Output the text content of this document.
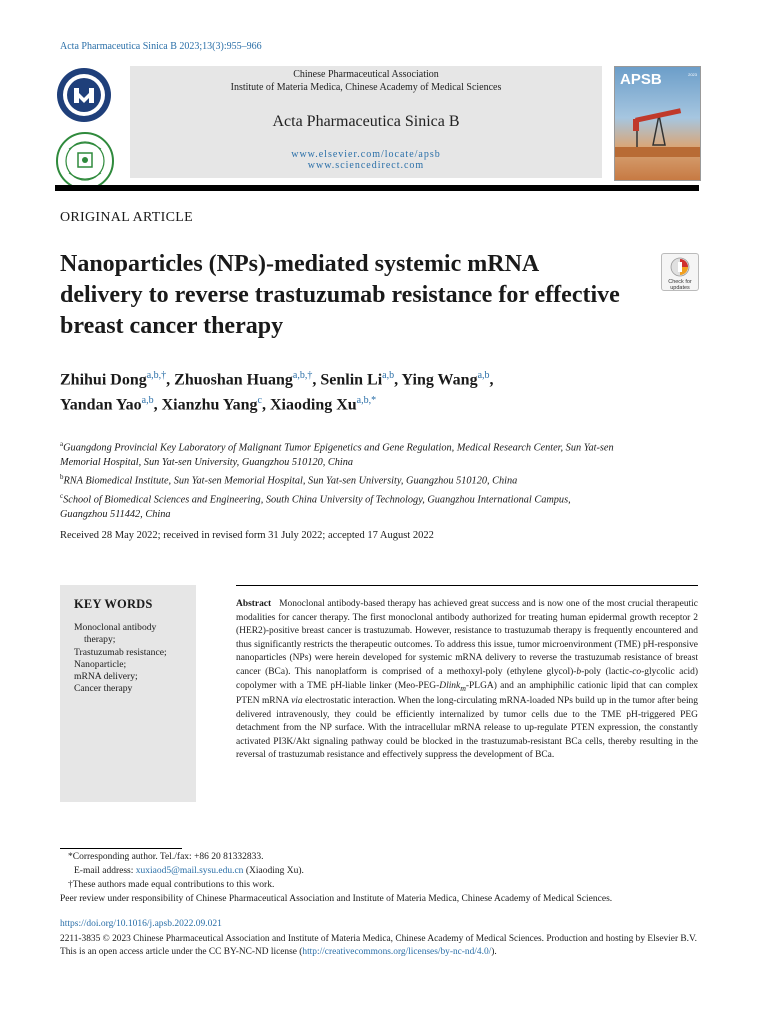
Acta Pharmaceutica Sinica B 2023;13(3):955–966

Chinese Pharmaceutical Association
Institute of Materia Medica, Chinese Academy of Medical Sciences
Acta Pharmaceutica Sinica B
www.elsevier.com/locate/apsb
www.sciencedirect.com
APSB	2023
ORIGINAL ARTICLE
Nanoparticles (NPs)-mediated systemic mRNA delivery to reverse trastuzumab resistance for effective breast cancer therapy
Check for updates
Zhihui Dong$^{a,b,\dagger}$, Zhuoshan Huang$^{a,b,\dagger}$, Senlin Li$^{a,b}$, Ying Wang$^{a,b}$,
Yandan Yao$^{a,b}$, Xianzhu Yang$^c$, Xiaoding $Xu^{a,b,*}$
$^a$Guangdong Provincial Key Laboratory of Malignant Tumor Epigenetics and Gene Regulation, Medical Research Center, Sun Yat-sen Memorial Hospital, Sun Yat-sen University, Guangzhou 510120, China
$^b$RNA Biomedical Institute, Sun Yat-sen Memorial Hospital, Sun Yat-sen University, Guangzhou 510120, China
$^c$School of Biomedical Sciences and Engineering, South China University of Technology, Guangzhou International Campus, Guangzhou 511442, China
Received 28 May 2022; received in revised form 31 July 2022; accepted 17 August 2022
KEY WORDS
Monoclonal antibody
therapy;
Trastuzumab resistance;
Nanoparticle;
mRNA delivery;
Cancer therapy
Abstract Monoclonal antibody-based therapy has achieved great success and is now one of the most crucial therapeutic modalities for cancer therapy. The first monoclonal antibody authorized for treating human epidermal growth receptor 2 (HER2)-positive breast cancer is trastuzumab. However, resistance to trastuzumab therapy is frequently encountered and thus significantly restricts the therapeutic outcomes. To address this issue, tumor microenvironment (TME) pH-responsive nanoparticles (NPs) were herein developed for systemic mRNA delivery to reverse the trastuzumab resistance of breast cancer (BCa). This nanoplatform is comprised of a methoxyl-poly (ethylene glycol)-b-poly (lactic-co-glycolic acid) copolymer with a TME pH-liable linker (Meo-PEG-Dlink$_m$-PLGA) and an amphiphilic cationic lipid that can complex PTEN mRNA via electrostatic interaction. When the long-circulating mRNA-loaded NPs build up in the tumor after being delivered intravenously, they could be efficiently internalized by tumor cells due to the TME pH-triggered PEG detachment from the NP surface. With the intracellular mRNA release to up-regulate PTEN expression, the constantly activated PI3K/Akt signaling pathway could be blocked in the trastuzumab-resistant BCa cells, thereby resulting in the reversal of trastuzumab resistance and effectively suppress the development of BCa.
*Corresponding author. Tel./fax: +86 20 81332833.
E-mail address: xuxiaod5@mail.sysu.edu.cn (Xiaoding Xu).
†These authors made equal contributions to this work.
Peer review under responsibility of Chinese Pharmaceutical Association and Institute of Materia Medica, Chinese Academy of Medical Sciences.
https://doi.org/10.1016/j.apsb.2022.09.021
2211-3835 © 2023 Chinese Pharmaceutical Association and Institute of Materia Medica, Chinese Academy of Medical Sciences. Production and hosting by Elsevier B.V. This is an open access article under the CC BY-NC-ND license (http://creativecommons.org/licenses/by-nc-nd/4.0/).
